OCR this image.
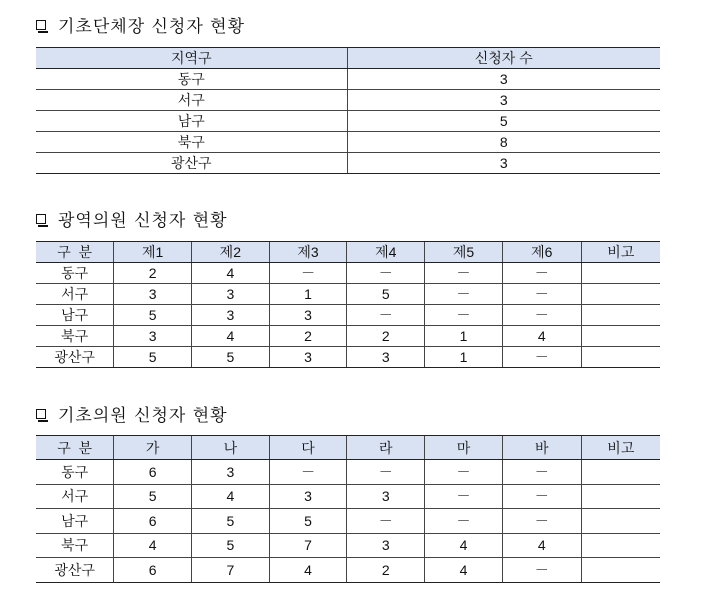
기초단체장 신청자 현황
지역구	신청자 수
동구	3
서구	3
남구	5
북구	8
광산구	3
광역의원 신청자 현황
구  분	제1	제2	제3	제4	제5	제6	비고
동구	2	4	－	－	－	－	
서구	3	3	1	5	－	－	
남구	5	3	3	－	－	－	
북구	3	4	2	2	1	4	
광산구	5	5	3	3	1	－	
기초의원 신청자 현황
구  분	가	나	다	라	마	바	비고
동구	6	3	－	－	－	－	
서구	5	4	3	3	－	－	
남구	6	5	5	－	－	－	
북구	4	5	7	3	4	4	
광산구	6	7	4	2	4	－	
